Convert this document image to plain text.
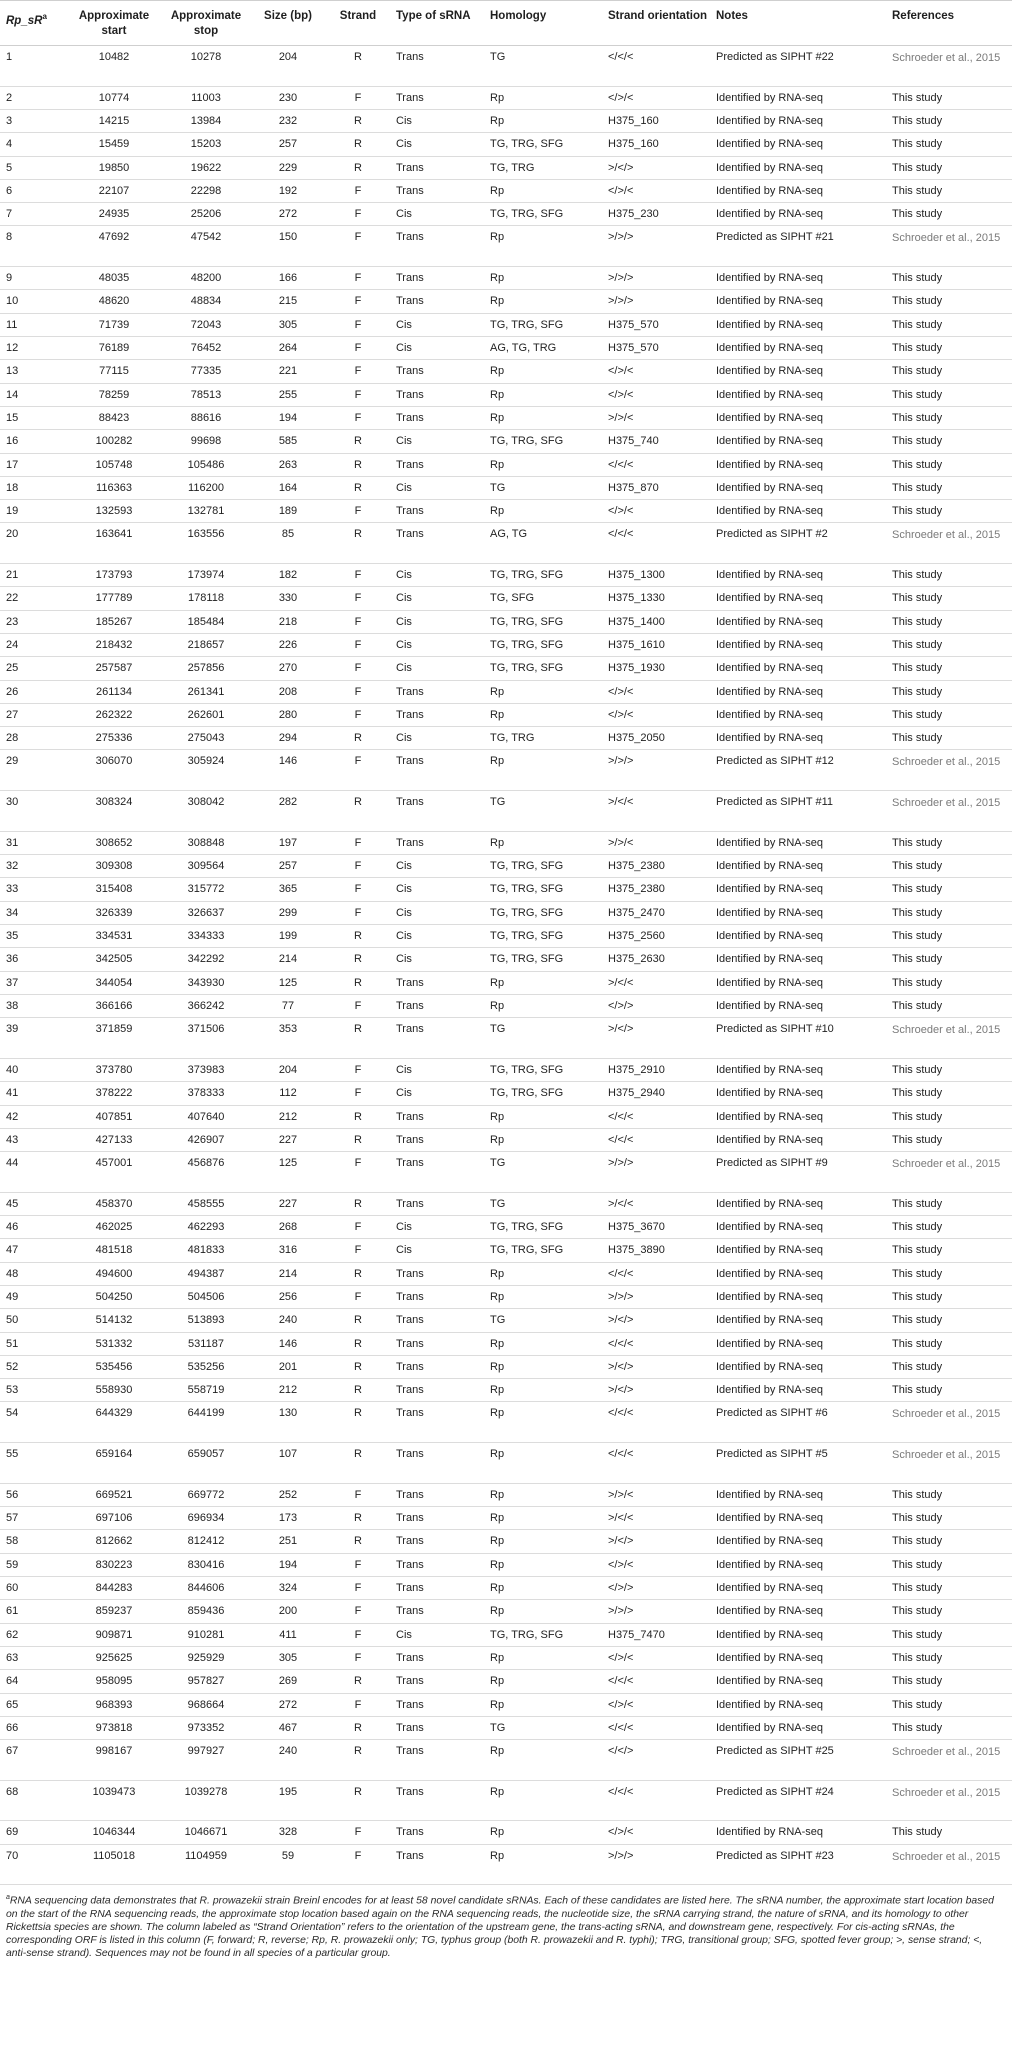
$Rp\_sR^a$	Approximate start	Approximate stop	Size (bp)	Strand	Type of sRNA	Homology	Strand orientation	Notes	References
1	10482	10278	204	R	Trans	TG	</</<	Predicted as SIPHT #22	Schroeder et al., 2015
2	10774	11003	230	F	Trans	Rp	</>/<	Identified by RNA-seq	This study
3	14215	13984	232	R	Cis	Rp	H375_160	Identified by RNA-seq	This study
4	15459	15203	257	R	Cis	TG, TRG, SFG	H375_160	Identified by RNA-seq	This study
5	19850	19622	229	R	Trans	TG, TRG	>/</>	Identified by RNA-seq	This study
6	22107	22298	192	F	Trans	Rp	</>/<	Identified by RNA-seq	This study
7	24935	25206	272	F	Cis	TG, TRG, SFG	H375_230	Identified by RNA-seq	This study
8	47692	47542	150	F	Trans	Rp	>/>/>	Predicted as SIPHT #21	Schroeder et al., 2015
9	48035	48200	166	F	Trans	Rp	>/>/>	Identified by RNA-seq	This study
10	48620	48834	215	F	Trans	Rp	>/>/>	Identified by RNA-seq	This study
11	71739	72043	305	F	Cis	TG, TRG, SFG	H375_570	Identified by RNA-seq	This study
12	76189	76452	264	F	Cis	AG, TG, TRG	H375_570	Identified by RNA-seq	This study
13	77115	77335	221	F	Trans	Rp	</>/<	Identified by RNA-seq	This study
14	78259	78513	255	F	Trans	Rp	</>/<	Identified by RNA-seq	This study
15	88423	88616	194	F	Trans	Rp	>/>/<	Identified by RNA-seq	This study
16	100282	99698	585	R	Cis	TG, TRG, SFG	H375_740	Identified by RNA-seq	This study
17	105748	105486	263	R	Trans	Rp	</</<	Identified by RNA-seq	This study
18	116363	116200	164	R	Cis	TG	H375_870	Identified by RNA-seq	This study
19	132593	132781	189	F	Trans	Rp	</>/<	Identified by RNA-seq	This study
20	163641	163556	85	R	Trans	AG, TG	</</<	Predicted as SIPHT #2	Schroeder et al., 2015
21	173793	173974	182	F	Cis	TG, TRG, SFG	H375_1300	Identified by RNA-seq	This study
22	177789	178118	330	F	Cis	TG, SFG	H375_1330	Identified by RNA-seq	This study
23	185267	185484	218	F	Cis	TG, TRG, SFG	H375_1400	Identified by RNA-seq	This study
24	218432	218657	226	F	Cis	TG, TRG, SFG	H375_1610	Identified by RNA-seq	This study
25	257587	257856	270	F	Cis	TG, TRG, SFG	H375_1930	Identified by RNA-seq	This study
26	261134	261341	208	F	Trans	Rp	</>/<	Identified by RNA-seq	This study
27	262322	262601	280	F	Trans	Rp	</>/<	Identified by RNA-seq	This study
28	275336	275043	294	R	Cis	TG, TRG	H375_2050	Identified by RNA-seq	This study
29	306070	305924	146	F	Trans	Rp	>/>/>	Predicted as SIPHT #12	Schroeder et al., 2015
30	308324	308042	282	R	Trans	TG	>/</<	Predicted as SIPHT #11	Schroeder et al., 2015
31	308652	308848	197	F	Trans	Rp	>/>/<	Identified by RNA-seq	This study
32	309308	309564	257	F	Cis	TG, TRG, SFG	H375_2380	Identified by RNA-seq	This study
33	315408	315772	365	F	Cis	TG, TRG, SFG	H375_2380	Identified by RNA-seq	This study
34	326339	326637	299	F	Cis	TG, TRG, SFG	H375_2470	Identified by RNA-seq	This study
35	334531	334333	199	R	Cis	TG, TRG, SFG	H375_2560	Identified by RNA-seq	This study
36	342505	342292	214	R	Cis	TG, TRG, SFG	H375_2630	Identified by RNA-seq	This study
37	344054	343930	125	R	Trans	Rp	>/</<	Identified by RNA-seq	This study
38	366166	366242	77	F	Trans	Rp	</>/>	Identified by RNA-seq	This study
39	371859	371506	353	R	Trans	TG	>/</>	Predicted as SIPHT #10	Schroeder et al., 2015
40	373780	373983	204	F	Cis	TG, TRG, SFG	H375_2910	Identified by RNA-seq	This study
41	378222	378333	112	F	Cis	TG, TRG, SFG	H375_2940	Identified by RNA-seq	This study
42	407851	407640	212	R	Trans	Rp	</</<	Identified by RNA-seq	This study
43	427133	426907	227	R	Trans	Rp	</</<	Identified by RNA-seq	This study
44	457001	456876	125	F	Trans	TG	>/>/>	Predicted as SIPHT #9	Schroeder et al., 2015
45	458370	458555	227	R	Trans	TG	>/</<	Identified by RNA-seq	This study
46	462025	462293	268	F	Cis	TG, TRG, SFG	H375_3670	Identified by RNA-seq	This study
47	481518	481833	316	F	Cis	TG, TRG, SFG	H375_3890	Identified by RNA-seq	This study
48	494600	494387	214	R	Trans	Rp	</</<	Identified by RNA-seq	This study
49	504250	504506	256	F	Trans	Rp	>/>/>	Identified by RNA-seq	This study
50	514132	513893	240	R	Trans	TG	>/</>	Identified by RNA-seq	This study
51	531332	531187	146	R	Trans	Rp	</</<	Identified by RNA-seq	This study
52	535456	535256	201	R	Trans	Rp	>/</>	Identified by RNA-seq	This study
53	558930	558719	212	R	Trans	Rp	>/</>	Identified by RNA-seq	This study
54	644329	644199	130	R	Trans	Rp	</</<	Predicted as SIPHT #6	Schroeder et al., 2015
55	659164	659057	107	R	Trans	Rp	</</<	Predicted as SIPHT #5	Schroeder et al., 2015
56	669521	669772	252	F	Trans	Rp	>/>/<	Identified by RNA-seq	This study
57	697106	696934	173	R	Trans	Rp	>/</<	Identified by RNA-seq	This study
58	812662	812412	251	R	Trans	Rp	>/</>	Identified by RNA-seq	This study
59	830223	830416	194	F	Trans	Rp	</>/<	Identified by RNA-seq	This study
60	844283	844606	324	F	Trans	Rp	</>/>	Identified by RNA-seq	This study
61	859237	859436	200	F	Trans	Rp	>/>/>	Identified by RNA-seq	This study
62	909871	910281	411	F	Cis	TG, TRG, SFG	H375_7470	Identified by RNA-seq	This study
63	925625	925929	305	F	Trans	Rp	</>/<	Identified by RNA-seq	This study
64	958095	957827	269	R	Trans	Rp	</</<	Identified by RNA-seq	This study
65	968393	968664	272	F	Trans	Rp	</>/<	Identified by RNA-seq	This study
66	973818	973352	467	R	Trans	TG	</</<	Identified by RNA-seq	This study
67	998167	997927	240	R	Trans	Rp	</</>	Predicted as SIPHT #25	Schroeder et al., 2015
68	1039473	1039278	195	R	Trans	Rp	</</<	Predicted as SIPHT #24	Schroeder et al., 2015
69	1046344	1046671	328	F	Trans	Rp	</>/<	Identified by RNA-seq	This study
70	1105018	1104959	59	F	Trans	Rp	>/>/>	Predicted as SIPHT #23	Schroeder et al., 2015

$^a$RNA sequencing data demonstrates that R. prowazekii strain Breinl encodes for at least 58 novel candidate sRNAs. Each of these candidates are listed here. The sRNA number, the approximate start location based on the start of the RNA sequencing reads, the approximate stop location based again on the RNA sequencing reads, the nucleotide size, the sRNA carrying strand, the nature of sRNA, and its homology to other Rickettsia species are shown. The column labeled as “Strand Orientation” refers to the orientation of the upstream gene, the trans-acting sRNA, and downstream gene, respectively. For cis-acting sRNAs, the corresponding ORF is listed in this column (F, forward; R, reverse; Rp, R. prowazekii only; TG, typhus group (both R. prowazekii and R. typhi); TRG, transitional group; SFG, spotted fever group; >, sense strand; <, anti-sense strand). Sequences may not be found in all species of a particular group.
